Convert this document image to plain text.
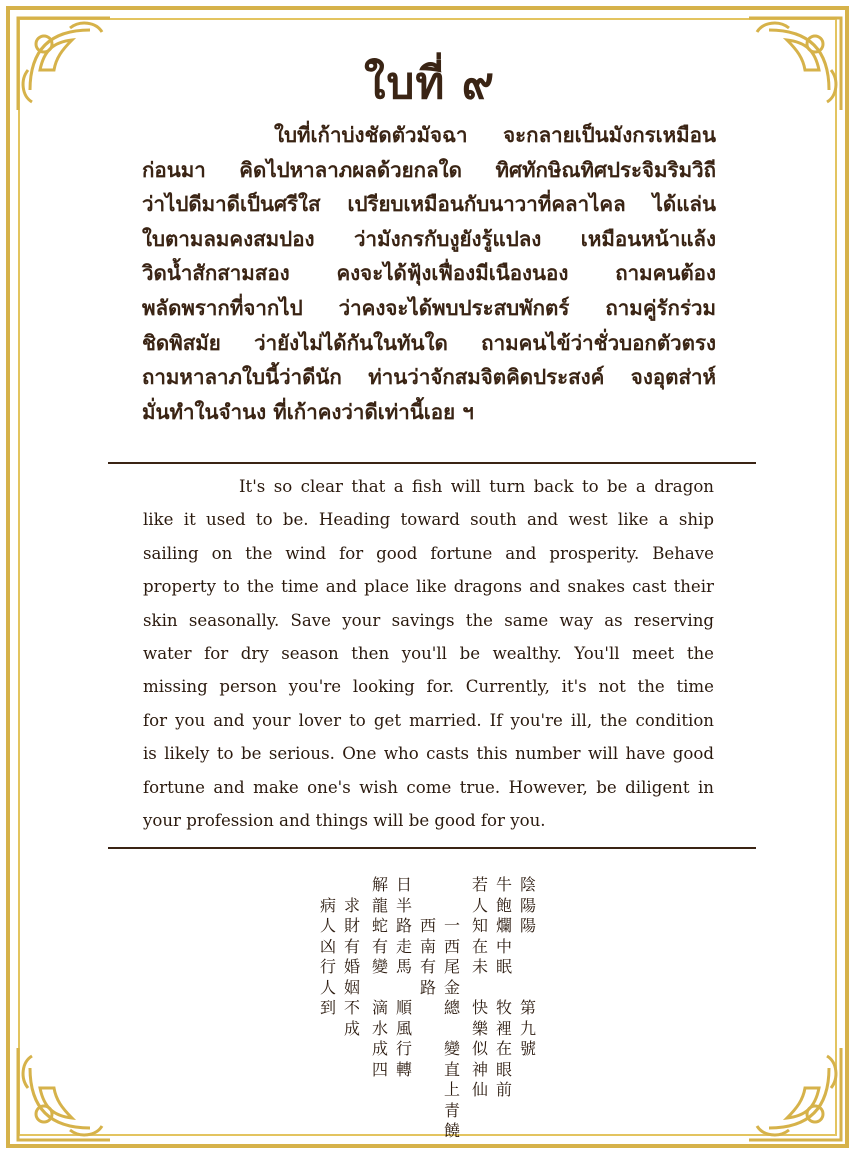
ใบที่ ๙
ใบที่เก้าบ่งชัดตัวมัจฉา จะกลายเป็นมังกรเหมือน
ก่อนมา คิดไปหาลาภผลด้วยกลใด ทิศทักษิณทิศประจิมริมวิถี
ว่าไปดีมาดีเป็นศรีใส เปรียบเหมือนกับนาวาที่คลาไคล ได้แล่น
ใบตามลมคงสมปอง ว่ามังกรกับงูยังรู้แปลง เหมือนหน้าแล้ง
วิดน้ำสักสามสอง คงจะได้ฟุ้งเฟื่องมีเนืองนอง ถามคนต้อง
พลัดพรากที่จากไป ว่าคงจะได้พบประสบพักตร์ ถามคู่รักร่วม
ชิดพิสมัย ว่ายังไม่ได้กันในทันใด ถามคนไข้ว่าชั่วบอกตัวตรง
ถามหาลาภใบนี้ว่าดีนัก ท่านว่าจักสมจิตคิดประสงค์ จงอุตส่าห์
มั่นทำในจำนง ที่เก้าคงว่าดีเท่านี้เอย ฯ
It's so clear that a fish will turn back to be a dragon
like it used to be. Heading toward south and west like a ship
sailing on the wind for good fortune and prosperity. Behave
property to the time and place like dragons and snakes cast their
skin seasonally. Save your savings the same way as reserving
water for dry season then you'll be wealthy. You'll meet the
missing person you're looking for. Currently, it's not the time
for you and your lover to get married. If you're ill, the condition
is likely to be serious. One who casts this number will have good
fortune and make one's wish come true. However, be diligent in
your profession and things will be good for you.
陰
陽
陽

第
九
號
牛
飽
爛
中
眠

牧
裡
在
眼
前
若
人
知
在
未

快
樂
似
神
仙

一
西
尾
金
總

變
直
上
青
饒

西
南
有
路

日
半
路
走
馬

順
風
行
轉
解
龍
蛇
有
變

滴
水
成
四

求
財
有
婚
姻
不
成

病
人
凶
行
人
到
